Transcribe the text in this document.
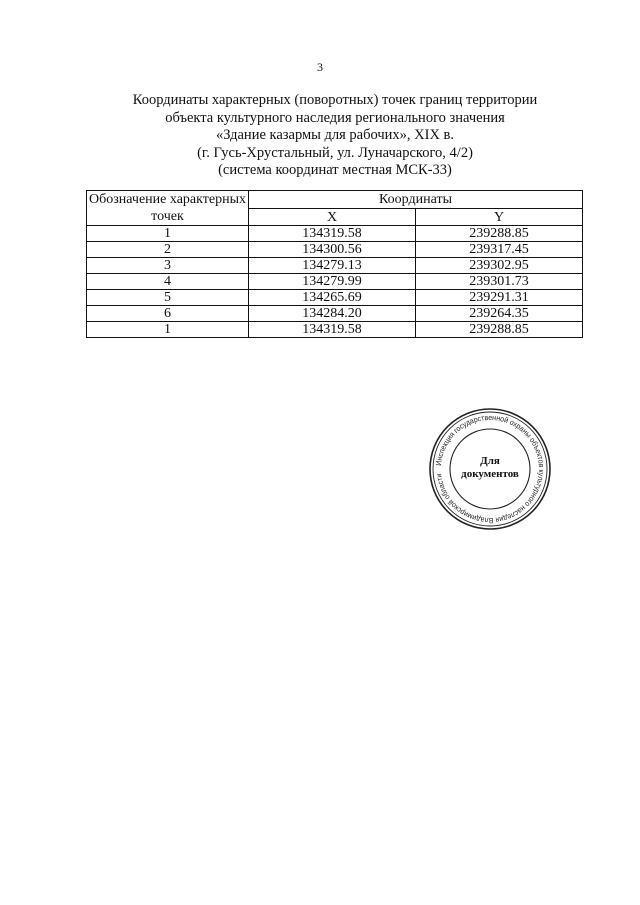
3
Координаты характерных (поворотных) точек границ территории
объекта культурного наследия регионального значения
«Здание казармы для рабочих», XIX в.
(г. Гусь-Хрустальный, ул. Луначарского, 4/2)
(система координат местная МСК-33)
Обозначение характерных точек	Координаты	
	X	Y
1	134319.58	239288.85
2	134300.56	239317.45
3	134279.13	239302.95
4	134279.99	239301.73
5	134265.69	239291.31
6	134284.20	239264.35
1	134319.58	239288.85
Инспекция государственной охраны объектов культурного наследия Владимирской области
Для
документов
